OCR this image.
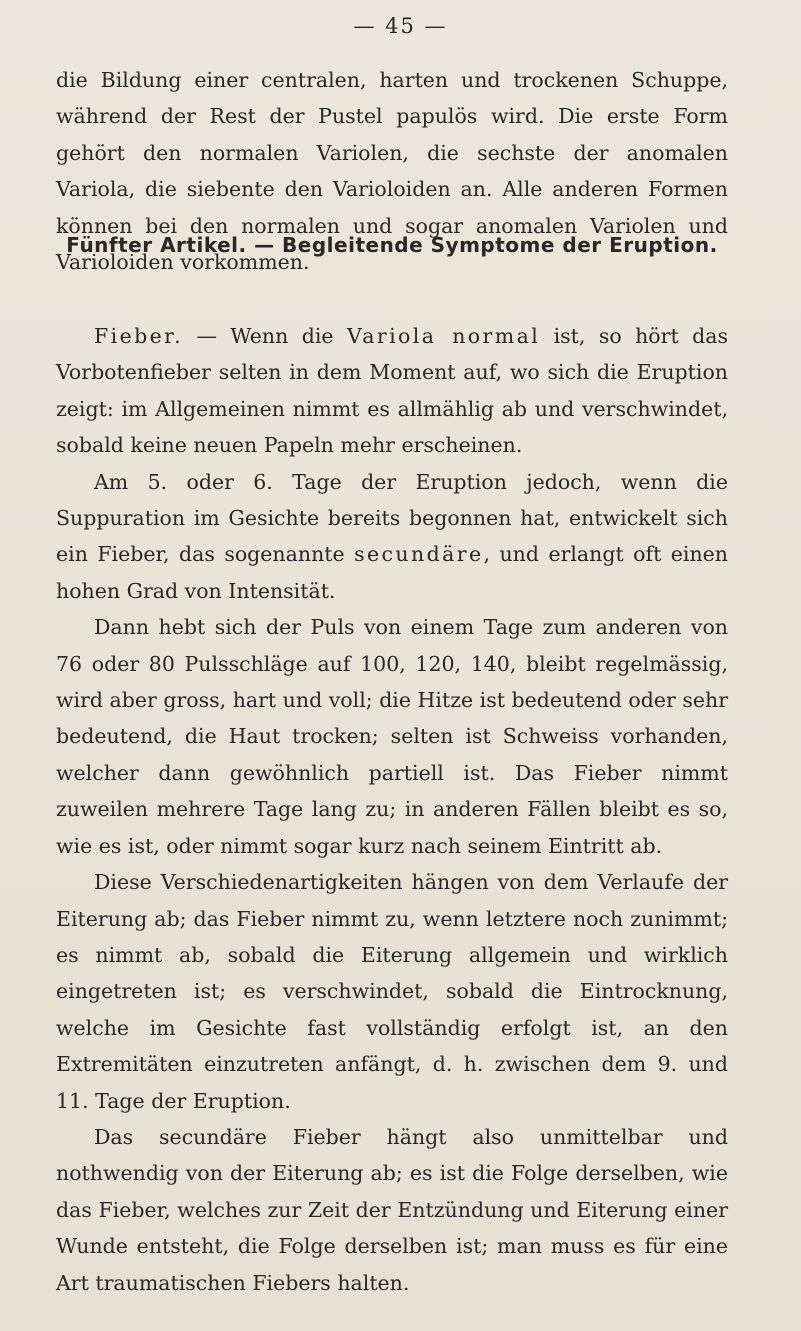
— 45 —

die Bildung einer centralen, harten und trockenen Schuppe, während der Rest der Pustel papulös wird. Die erste Form gehört den normalen Variolen, die sechste der anomalen Variola, die siebente den Varioloiden an. Alle anderen Formen können bei den normalen und sogar anomalen Variolen und Varioloiden vorkommen.

Fünfter Artikel. — Begleitende Symptome der Eruption.

Fieber. — Wenn die Variola normal ist, so hört das Vorbotenfieber selten in dem Moment auf, wo sich die Eruption zeigt: im Allgemeinen nimmt es allmählig ab und verschwindet, sobald keine neuen Papeln mehr erscheinen.

Am 5. oder 6. Tage der Eruption jedoch, wenn die Suppuration im Gesichte bereits begonnen hat, entwickelt sich ein Fieber, das sogenannte secundäre, und erlangt oft einen hohen Grad von Intensität.

Dann hebt sich der Puls von einem Tage zum anderen von 76 oder 80 Pulsschläge auf 100, 120, 140, bleibt regelmässig, wird aber gross, hart und voll; die Hitze ist bedeutend oder sehr bedeutend, die Haut trocken; selten ist Schweiss vorhanden, welcher dann gewöhnlich partiell ist. Das Fieber nimmt zuweilen mehrere Tage lang zu; in anderen Fällen bleibt es so, wie es ist, oder nimmt sogar kurz nach seinem Eintritt ab.

Diese Verschiedenartigkeiten hängen von dem Verlaufe der Eiterung ab; das Fieber nimmt zu, wenn letztere noch zunimmt; es nimmt ab, sobald die Eiterung allgemein und wirklich eingetreten ist; es verschwindet, sobald die Eintrocknung, welche im Gesichte fast vollständig erfolgt ist, an den Extremitäten einzutreten anfängt, d. h. zwischen dem 9. und 11. Tage der Eruption.

Das secundäre Fieber hängt also unmittelbar und nothwendig von der Eiterung ab; es ist die Folge derselben, wie das Fieber, welches zur Zeit der Entzündung und Eiterung einer Wunde entsteht, die Folge derselben ist; man muss es für eine Art traumatischen Fiebers halten.
